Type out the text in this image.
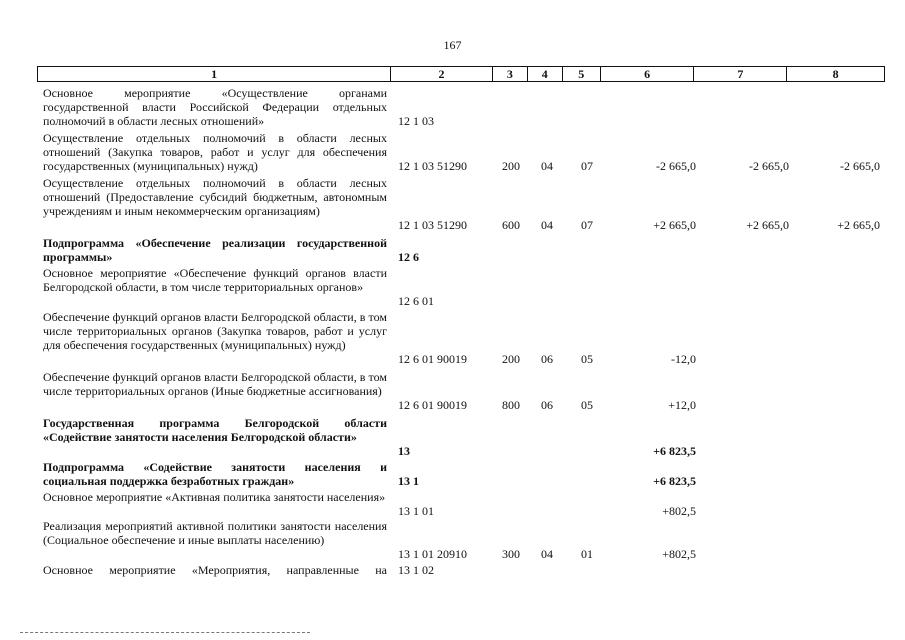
167
1	2	3	4	5	6	7	8
Основное мероприятие «Осуществление органами государственной власти Российской Федерации отдельных полномочий в области лесных отношений»	12 1 03
Осуществление отдельных полномочий в области лесных отношений (Закупка товаров, работ и услуг для обеспечения государственных (муниципальных) нужд)	12 1 03 51290	200	04	07	-2 665,0	-2 665,0	-2 665,0
Осуществление отдельных полномочий в области лесных отношений (Предоставление субсидий бюджетным, автономным учреждениям и иным некоммерческим организациям)
12 1 03 51290	600	04	07	+2 665,0	+2 665,0	+2 665,0
Подпрограмма «Обеспечение реализации государственной программы»	12 6
Основное мероприятие «Обеспечение функций органов власти Белгородской области, в том числе территориальных органов»
12 6 01
Обеспечение функций органов власти Белгородской области, в том числе территориальных органов (Закупка товаров, работ и услуг для обеспечения государственных (муниципальных) нужд)
12 6 01 90019	200	06	05	-12,0
Обеспечение функций органов власти Белгородской области, в том числе территориальных органов (Иные бюджетные ассигнования)
12 6 01 90019	800	06	05	+12,0
Государственная программа Белгородской области «Содействие занятости населения Белгородской области»
13	+6 823,5
Подпрограмма «Содействие занятости населения и социальная поддержка безработных граждан»	13 1	+6 823,5
Основное мероприятие «Активная политика занятости населения»
13 1 01	+802,5
Реализация мероприятий активной политики занятости населения (Социальное обеспечение и иные выплаты населению)
13 1 01 20910	300	04	01	+802,5
Основное мероприятие «Мероприятия, направленные на 13 1 02
